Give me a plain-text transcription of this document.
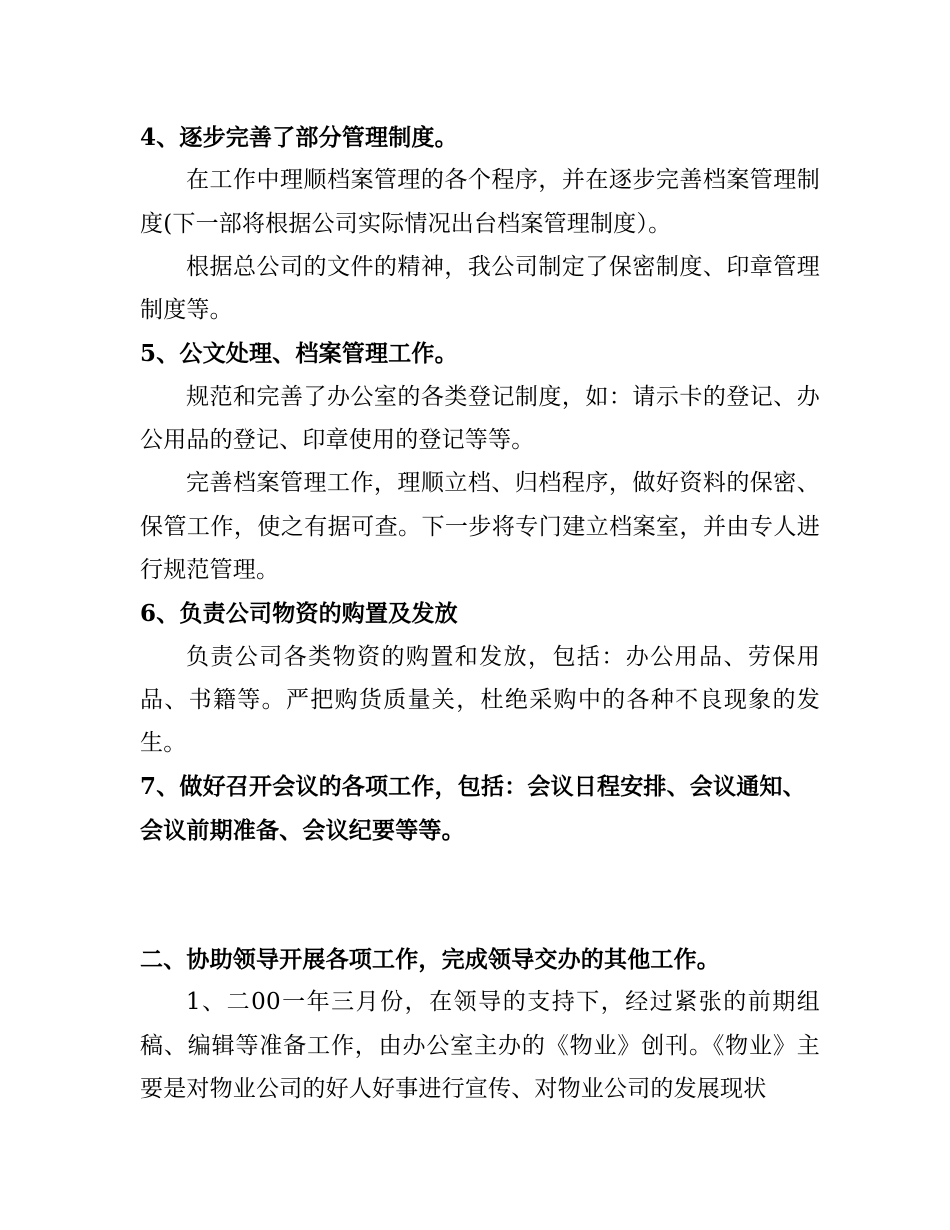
4、逐步完善了部分管理制度。

在工作中理顺档案管理的各个程序，并在逐步完善档案管理制度(下一部将根据公司实际情况出台档案管理制度）。

根据总公司的文件的精神，我公司制定了保密制度、印章管理制度等。

5、公文处理、档案管理工作。

规范和完善了办公室的各类登记制度，如：请示卡的登记、办公用品的登记、印章使用的登记等等。

完善档案管理工作，理顺立档、归档程序，做好资料的保密、保管工作，使之有据可查。下一步将专门建立档案室，并由专人进行规范管理。

6、负责公司物资的购置及发放

负责公司各类物资的购置和发放，包括：办公用品、劳保用品、书籍等。严把购货质量关，杜绝采购中的各种不良现象的发生。

7、做好召开会议的各项工作，包括：会议日程安排、会议通知、会议前期准备、会议纪要等等。

二、协助领导开展各项工作，完成领导交办的其他工作。

1、二00一年三月份，在领导的支持下，经过紧张的前期组稿、编辑等准备工作，由办公室主办的《物业》创刊。《物业》主要是对物业公司的好人好事进行宣传、对物业公司的发展现状
